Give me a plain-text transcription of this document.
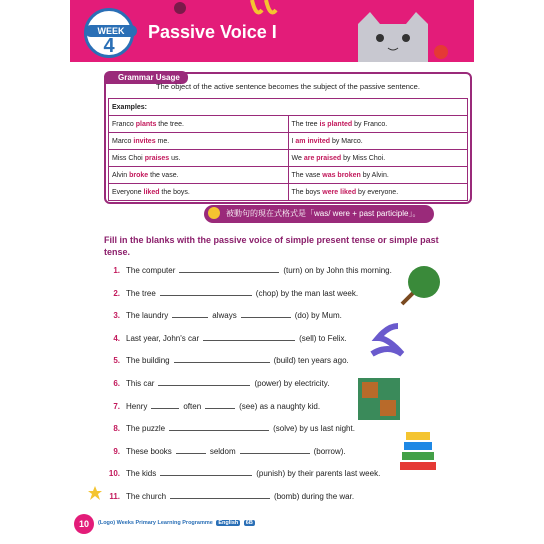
WEEK
4
Passive Voice I
Grammar Usage
The object of the active sentence becomes the subject of the passive sentence.
Examples:	
Franco plants the tree.	The tree is planted by Franco.
Marco invites me.	I am invited by Marco.
Miss Choi praises us.	We are praised by Miss Choi.
Alvin broke the vase.	The vase was broken by Alvin.
Everyone liked the boys.	The boys were liked by everyone.
被動句的現在式格式是「was/ were + past participle」。
Fill in the blanks with the passive voice of simple present tense or simple past tense.
1. The computer	(turn) on by John this morning.
2. The tree	(chop) by the man last week.
3. The laundry	always	(do) by Mum.
4. Last year, John's car	(sell) to Felix.
5. The building	(build) ten years ago.
6. This car	(power) by electricity.
7. Henry	often	(see) as a naughty kid.
8. The puzzle	(solve) by us last night.
9. These books	seldom	(borrow).
10. The kids	(punish) by their parents last week.
11. The church	(bomb) during the war.
10	(Logo) Weeks Primary Learning Programme English 6B
